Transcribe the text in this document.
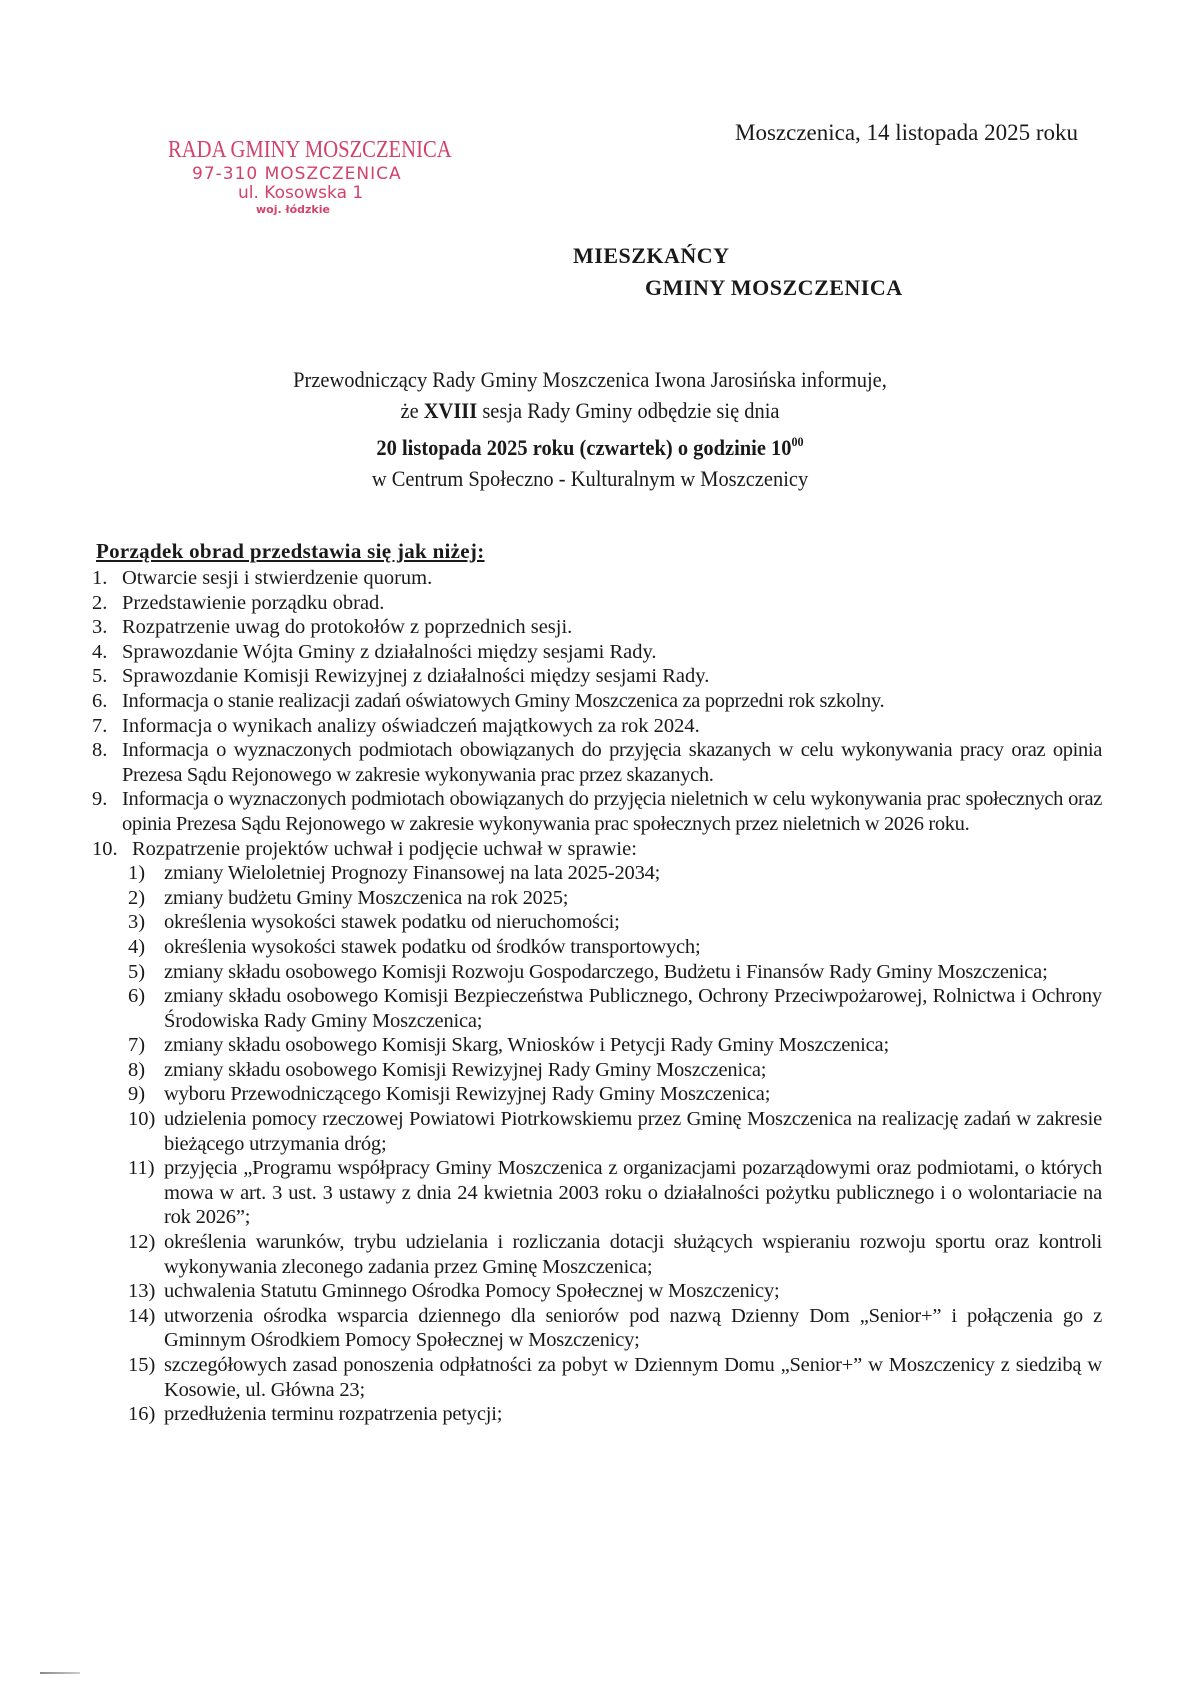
RADA GMINY MOSZCZENICA
97-310 MOSZCZENICA
ul. Kosowska 1
woj. łódzkie
Moszczenica, 14 listopada 2025 roku
MIESZKAŃCY
GMINY MOSZCZENICA
Przewodniczący Rady Gminy Moszczenica Iwona Jarosińska informuje,
że XVIII sesja Rady Gminy odbędzie się dnia
20 listopada 2025 roku (czwartek) o godzinie $10^{00}$
w Centrum Społeczno - Kulturalnym w Moszczenicy
Porządek obrad przedstawia się jak niżej:
1. Otwarcie sesji i stwierdzenie quorum.
2. Przedstawienie porządku obrad.
3. Rozpatrzenie uwag do protokołów z poprzednich sesji.
4. Sprawozdanie Wójta Gminy z działalności między sesjami Rady.
5. Sprawozdanie Komisji Rewizyjnej z działalności między sesjami Rady.
6. Informacja o stanie realizacji zadań oświatowych Gminy Moszczenica za poprzedni rok szkolny.
7. Informacja o wynikach analizy oświadczeń majątkowych za rok 2024.
8. Informacja o wyznaczonych podmiotach obowiązanych do przyjęcia skazanych w celu wykonywania pracy oraz opinia Prezesa Sądu Rejonowego w zakresie wykonywania prac przez skazanych.
9. Informacja o wyznaczonych podmiotach obowiązanych do przyjęcia nieletnich w celu wykonywania prac społecznych oraz opinia Prezesa Sądu Rejonowego w zakresie wykonywania prac społecznych przez nieletnich w 2026 roku.
10. Rozpatrzenie projektów uchwał i podjęcie uchwał w sprawie:
1) zmiany Wieloletniej Prognozy Finansowej na lata 2025-2034;
2) zmiany budżetu Gminy Moszczenica na rok 2025;
3) określenia wysokości stawek podatku od nieruchomości;
4) określenia wysokości stawek podatku od środków transportowych;
5) zmiany składu osobowego Komisji Rozwoju Gospodarczego, Budżetu i Finansów Rady Gminy Moszczenica;
6) zmiany składu osobowego Komisji Bezpieczeństwa Publicznego, Ochrony Przeciwpożarowej, Rolnictwa i Ochrony Środowiska Rady Gminy Moszczenica;
7) zmiany składu osobowego Komisji Skarg, Wniosków i Petycji Rady Gminy Moszczenica;
8) zmiany składu osobowego Komisji Rewizyjnej Rady Gminy Moszczenica;
9) wyboru Przewodniczącego Komisji Rewizyjnej Rady Gminy Moszczenica;
10) udzielenia pomocy rzeczowej Powiatowi Piotrkowskiemu przez Gminę Moszczenica na realizację zadań w zakresie bieżącego utrzymania dróg;
11) przyjęcia „Programu współpracy Gminy Moszczenica z organizacjami pozarządowymi oraz podmiotami, o których mowa w art. 3 ust. 3 ustawy z dnia 24 kwietnia 2003 roku o działalności pożytku publicznego i o wolontariacie na rok 2026”;
12) określenia warunków, trybu udzielania i rozliczania dotacji służących wspieraniu rozwoju sportu oraz kontroli wykonywania zleconego zadania przez Gminę Moszczenica;
13) uchwalenia Statutu Gminnego Ośrodka Pomocy Społecznej w Moszczenicy;
14) utworzenia ośrodka wsparcia dziennego dla seniorów pod nazwą Dzienny Dom „Senior+” i połączenia go z Gminnym Ośrodkiem Pomocy Społecznej w Moszczenicy;
15) szczegółowych zasad ponoszenia odpłatności za pobyt w Dziennym Domu „Senior+” w Moszczenicy z siedzibą w Kosowie, ul. Główna 23;
16) przedłużenia terminu rozpatrzenia petycji;
